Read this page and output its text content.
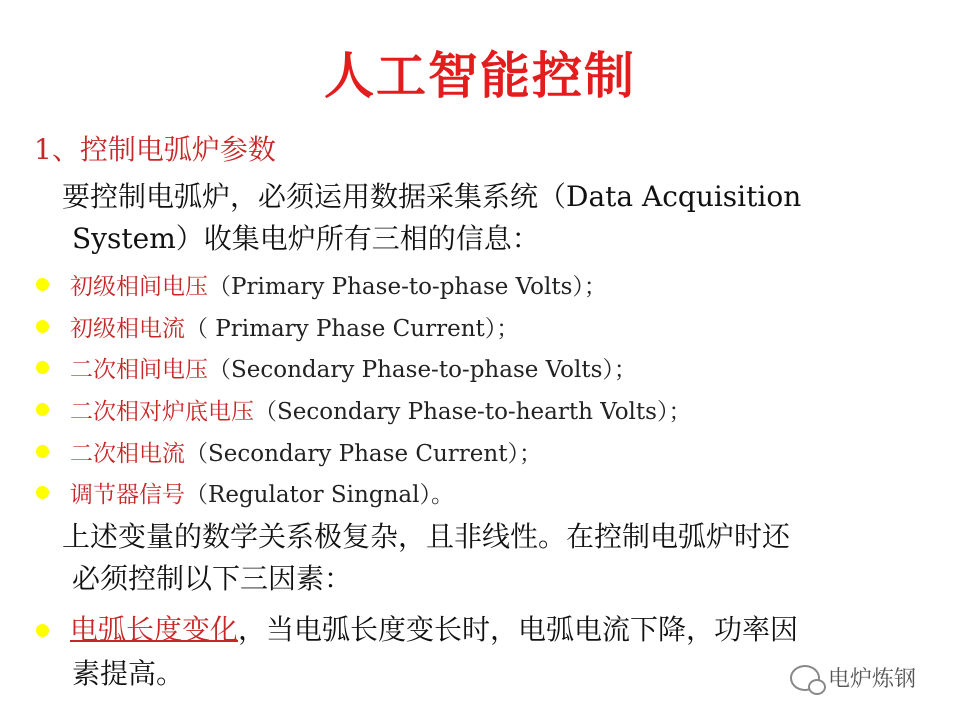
人工智能控制
1、控制电弧炉参数
要控制电弧炉，必须运用数据采集系统（Data Acquisition
System）收集电炉所有三相的信息：
初级相间电压 （Primary Phase-to-phase Volts）；
初级相电流 （ Primary Phase Current）；
二次相间电压 （Secondary Phase-to-phase Volts）；
二次相对炉底电压 （Secondary Phase-to-hearth Volts）；
二次相电流 （Secondary Phase Current）；
调节器信号 （Regulator Singnal）。
上述变量的数学关系极复杂，且非线性。在控制电弧炉时还
必须控制以下三因素：
电弧长度变化 ，当电弧长度变长时，电弧电流下降，功率因
素提高。	电炉炼钢
